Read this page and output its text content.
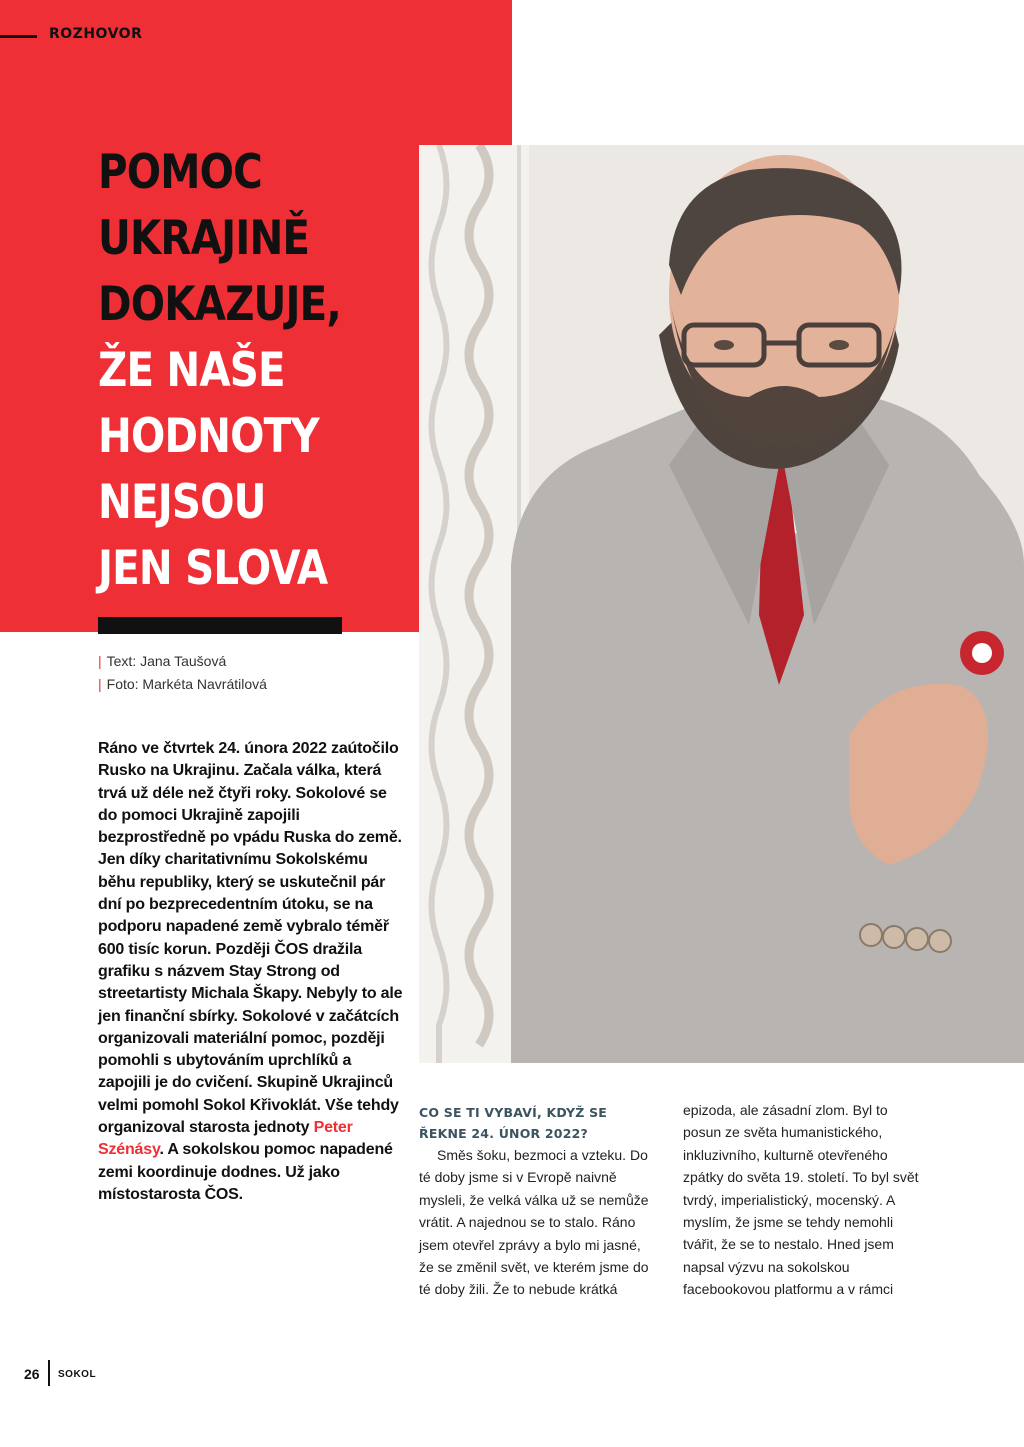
ROZHOVOR
POMOC
UKRAJINĚ
DOKAZUJE,
ŽE NAŠE
HODNOTY
NEJSOU
JEN SLOVA
| Text: Jana Taušová
| Foto: Markéta Navrátilová

Ráno ve čtvrtek 24. února 2022 zaútočilo Rusko na Ukrajinu. Začala válka, která trvá už déle než čtyři roky. Sokolové se do pomoci Ukrajině zapojili bezprostředně po vpádu Ruska do země. Jen díky charitativnímu Sokolskému běhu republiky, který se uskutečnil pár dní po bezprecedentním útoku, se na podporu napadené země vybralo téměř 600 tisíc korun. Později ČOS dražila grafiku s názvem Stay Strong od streetartisty Michala Škapy. Nebyly to ale jen finanční sbírky. Sokolové v začátcích organizovali materiální pomoc, později pomohli s ubytováním uprchlíků a zapojili je do cvičení. Skupině Ukrajinců velmi pomohl Sokol Křivoklát. Vše tehdy organizoval starosta jednoty Peter Szénásy. A sokolskou pomoc napadené zemi koordinuje dodnes. Už jako místostarosta ČOS.

CO SE TI VYBAVÍ, KDYŽ SE ŘEKNE 24. ÚNOR 2022?

Směs šoku, bezmoci a vzteku. Do té doby jsme si v Evropě naivně mysleli, že velká válka už se nemůže vrátit. A najednou se to stalo. Ráno jsem otevřel zprávy a bylo mi jasné, že se změnil svět, ve kterém jsme do té doby žili. Že to nebude krátká

epizoda, ale zásadní zlom. Byl to posun ze světa humanistického, inkluzivního, kulturně otevřeného zpátky do světa 19. století. To byl svět tvrdý, imperialistický, mocenský. A myslím, že jsme se tehdy nemohli tvářit, že se to nestalo. Hned jsem napsal výzvu na sokolskou facebookovou platformu a v rámci

26 SOKOL
